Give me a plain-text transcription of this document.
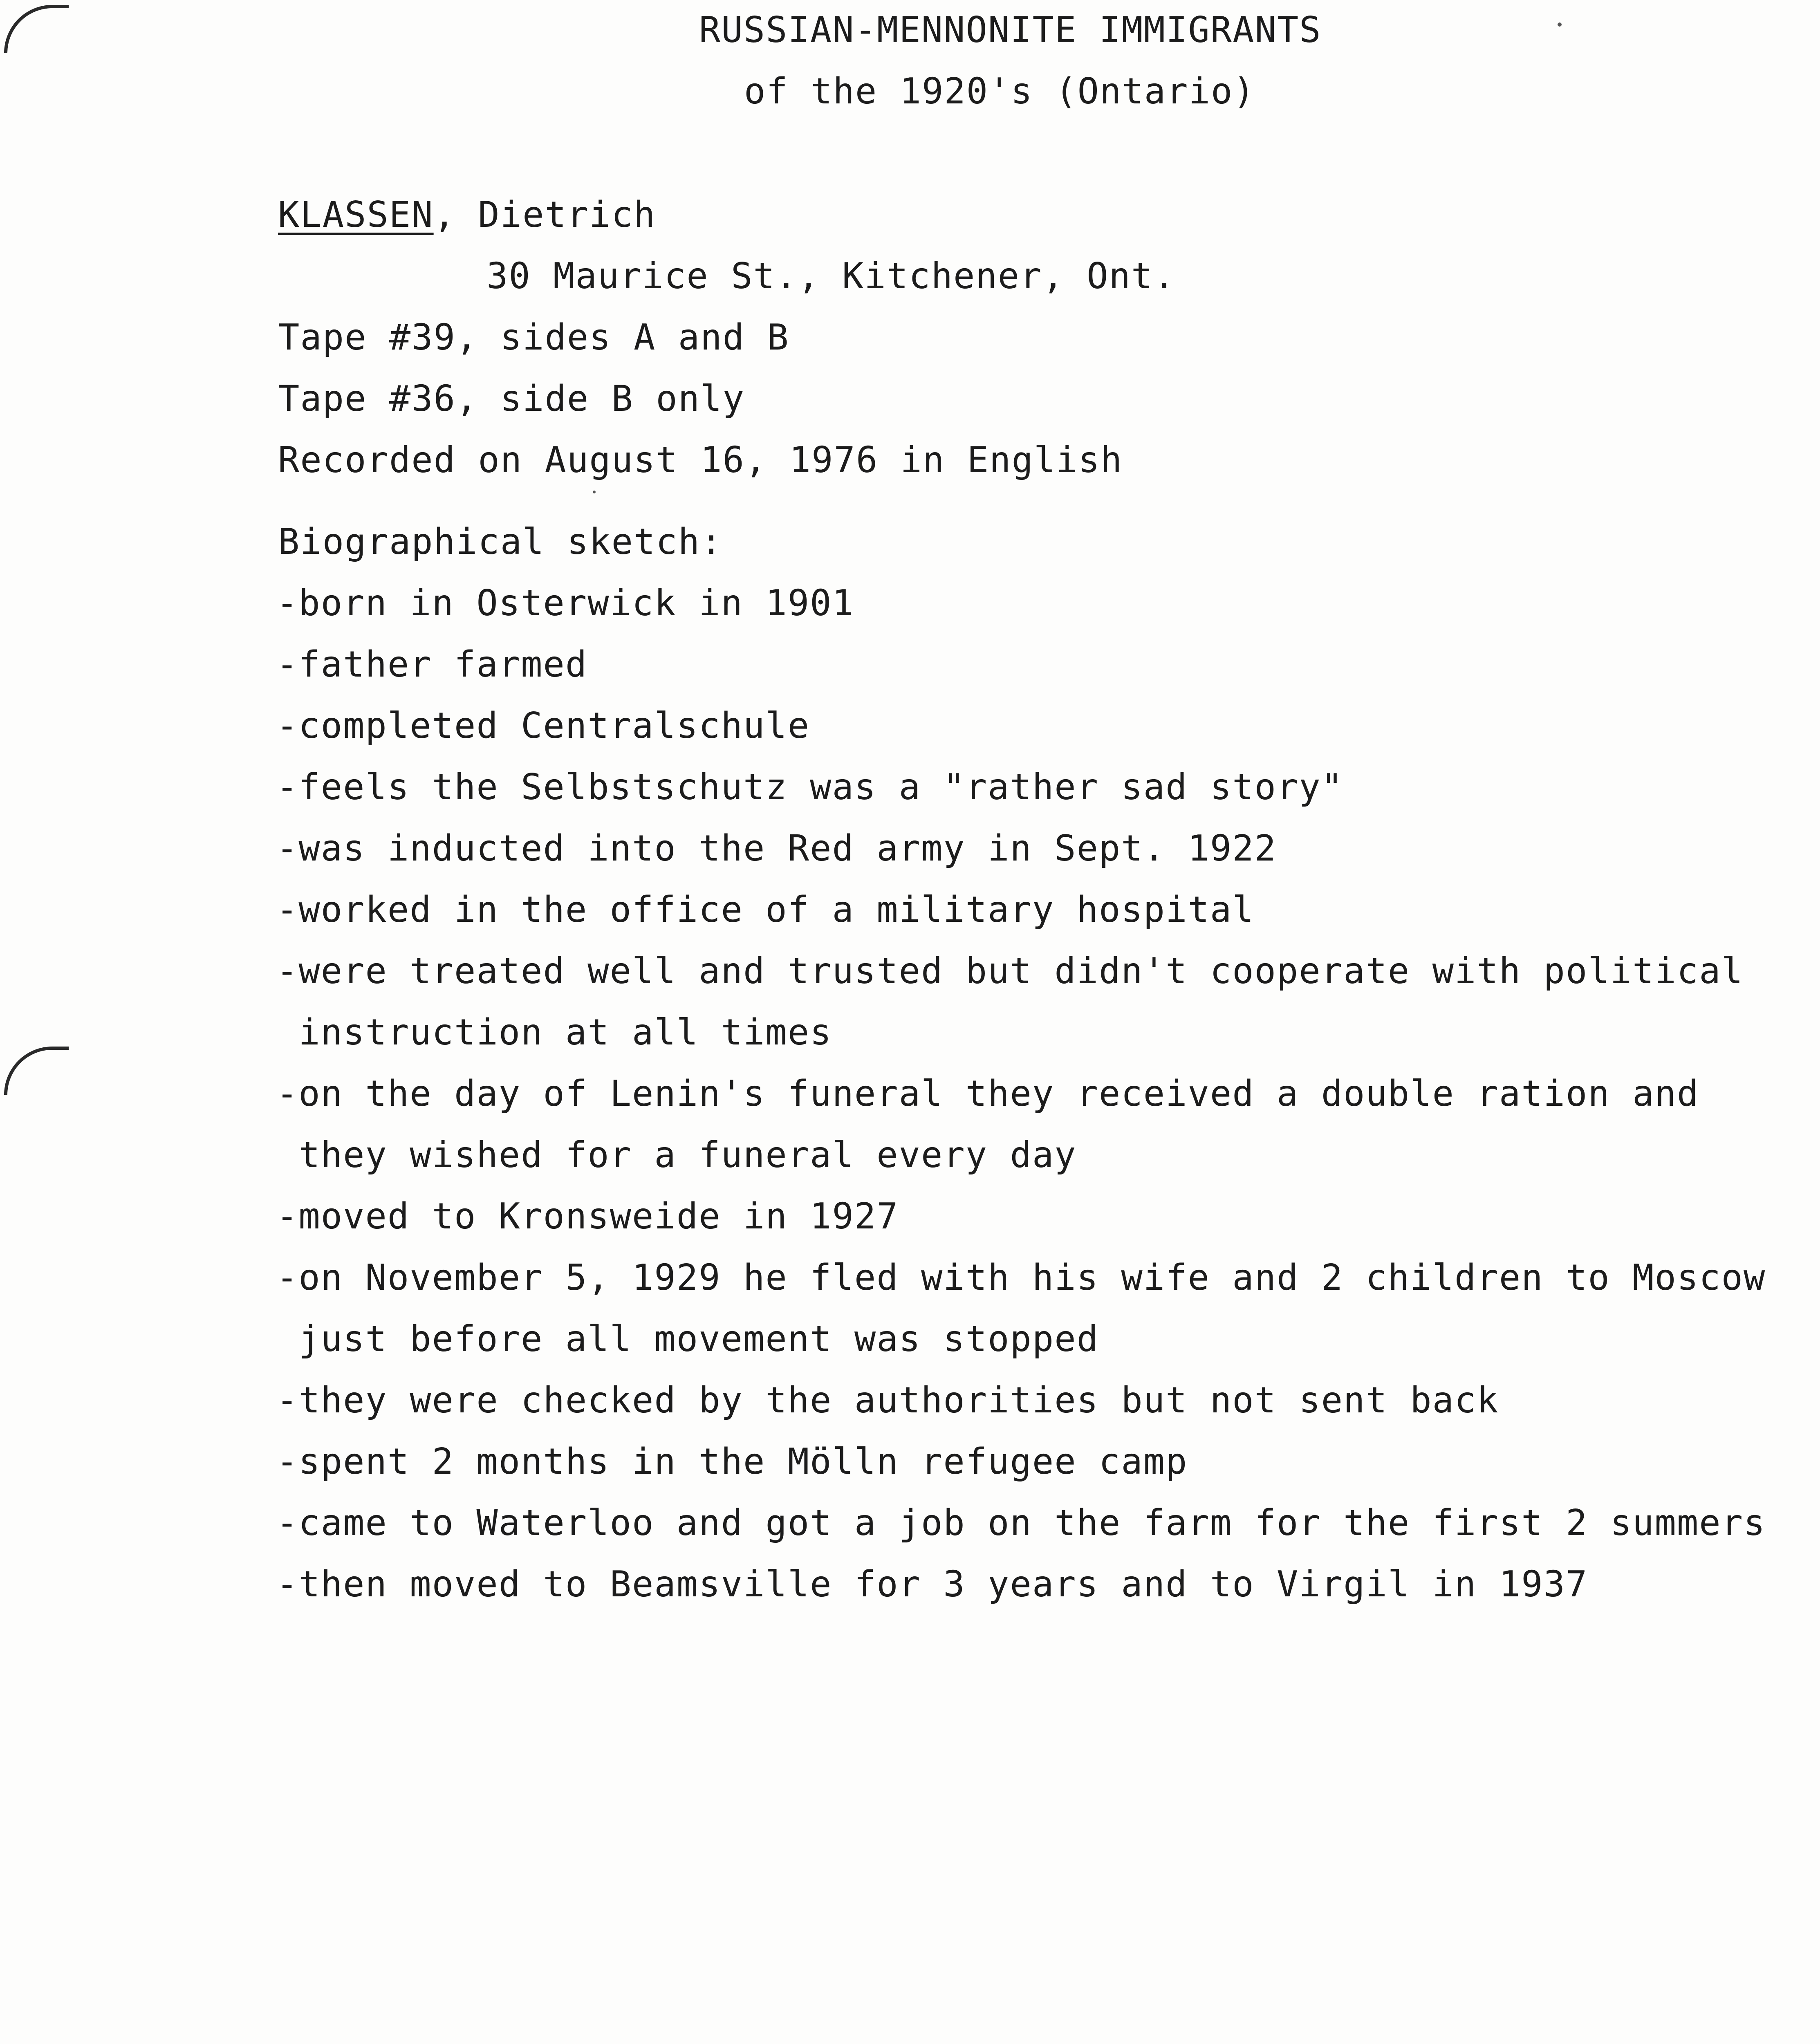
RUSSIAN-MENNONITE IMMIGRANTS
of the 1920's (Ontario)
KLASSEN, Dietrich
30 Maurice St., Kitchener, Ont.
Tape #39, sides A and B
Tape #36, side B only
Recorded on August 16, 1976 in English
Biographical sketch:
-born in Osterwick in 1901
-father farmed
-completed Centralschule
-feels the Selbstschutz was a "rather sad story"
-was inducted into the Red army in Sept. 1922
-worked in the office of a military hospital
-were treated well and trusted but didn't cooperate with political
instruction at all times
-on the day of Lenin's funeral they received a double ration and
they wished for a funeral every day
-moved to Kronsweide in 1927
-on November 5, 1929 he fled with his wife and 2 children to Moscow
just before all movement was stopped
-they were checked by the authorities but not sent back
-spent 2 months in the Mölln refugee camp
-came to Waterloo and got a job on the farm for the first 2 summers
-then moved to Beamsville for 3 years and to Virgil in 1937
